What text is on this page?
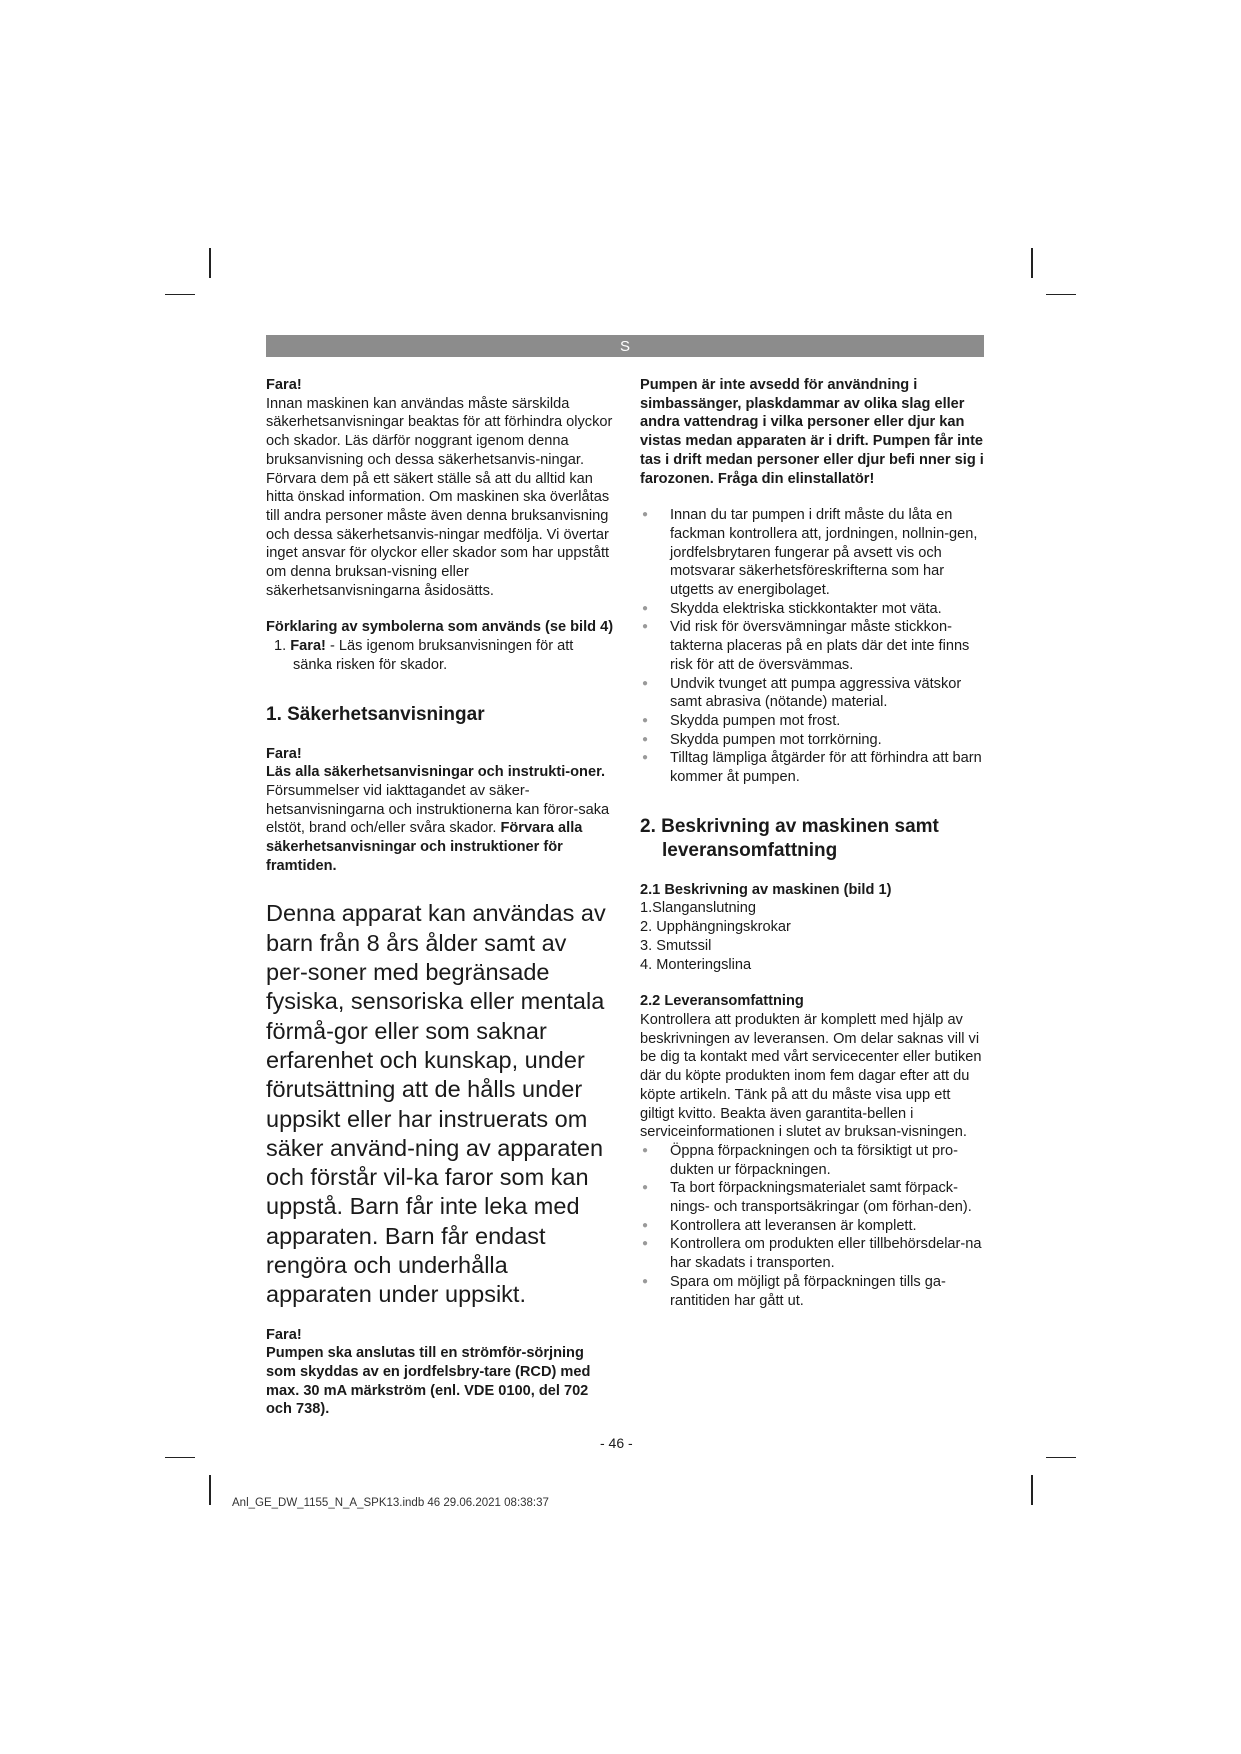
S

Fara!

Innan maskinen kan användas måste särskilda säkerhetsanvisningar beaktas för att förhindra olyckor och skador. Läs därför noggrant igenom denna bruksanvisning och dessa säkerhetsanvis-ningar. Förvara dem på ett säkert ställe så att du alltid kan hitta önskad information. Om maskinen ska överlåtas till andra personer måste även denna bruksanvisning och dessa säkerhetsanvis-ningar medfölja. Vi övertar inget ansvar för olyckor eller skador som har uppstått om denna bruksan-visning eller säkerhetsanvisningarna åsidosätts.

Förklaring av symbolerna som används (se bild 4)

1. Fara! - Läs igenom bruksanvisningen för att sänka risken för skador.

1. Säkerhetsanvisningar

Fara!

Läs alla säkerhetsanvisningar och instrukti-oner. Försummelser vid iakttagandet av säker-hetsanvisningarna och instruktionerna kan föror-saka elstöt, brand och/eller svåra skador. Förvara alla säkerhetsanvisningar och instruktioner för framtiden.

Denna apparat kan användas av barn från 8 års ålder samt av per-soner med begränsade fysiska, sensoriska eller mentala förmå-gor eller som saknar erfarenhet och kunskap, under förutsättning att de hålls under uppsikt eller har instruerats om säker använd-ning av apparaten och förstår vil-ka faror som kan uppstå. Barn får inte leka med apparaten. Barn får endast rengöra och underhålla apparaten under uppsikt.

Fara!

Pumpen ska anslutas till en strömför-sörjning som skyddas av en jordfelsbry-tare (RCD) med max. 30 mA märkström (enl. VDE 0100, del 702 och 738).

Pumpen är inte avsedd för användning i simbassänger, plaskdammar av olika slag eller andra vattendrag i vilka personer eller djur kan vistas medan apparaten är i drift. Pumpen får inte tas i drift medan personer eller djur befi nner sig i farozonen. Fråga din elinstallatör!

● Innan du tar pumpen i drift måste du låta en fackman kontrollera att, jordningen, nollnin-gen, jordfelsbrytaren fungerar på avsett vis och motsvarar säkerhetsföreskrifterna som har utgetts av energibolaget.
● Skydda elektriska stickkontakter mot väta.
● Vid risk för översvämningar måste stickkon-takterna placeras på en plats där det inte finns risk för att de översvämmas.
● Undvik tvunget att pumpa aggressiva vätskor samt abrasiva (nötande) material.
● Skydda pumpen mot frost.
● Skydda pumpen mot torrkörning.
● Tilltag lämpliga åtgärder för att förhindra att barn kommer åt pumpen.

2. Beskrivning av maskinen samt leveransomfattning

2.1 Beskrivning av maskinen (bild 1)

1.Slanganslutning
2. Upphängningskrokar
3. Smutssil
4. Monteringslina

2.2 Leveransomfattning

Kontrollera att produkten är komplett med hjälp av beskrivningen av leveransen. Om delar saknas vill vi be dig ta kontakt med vårt servicecenter eller butiken där du köpte produkten inom fem dagar efter att du köpte artikeln. Tänk på att du måste visa upp ett giltigt kvitto. Beakta även garantita-bellen i serviceinformationen i slutet av bruksan-visningen.

● Öppna förpackningen och ta försiktigt ut pro-dukten ur förpackningen.
● Ta bort förpackningsmaterialet samt förpack-nings- och transportsäkringar (om förhan-den).
● Kontrollera att leveransen är komplett.
● Kontrollera om produkten eller tillbehörsdelar-na har skadats i transporten.
● Spara om möjligt på förpackningen tills ga-rantitiden har gått ut.
- 46 -
Anl_GE_DW_1155_N_A_SPK13.indb 46 29.06.2021 08:38:37
